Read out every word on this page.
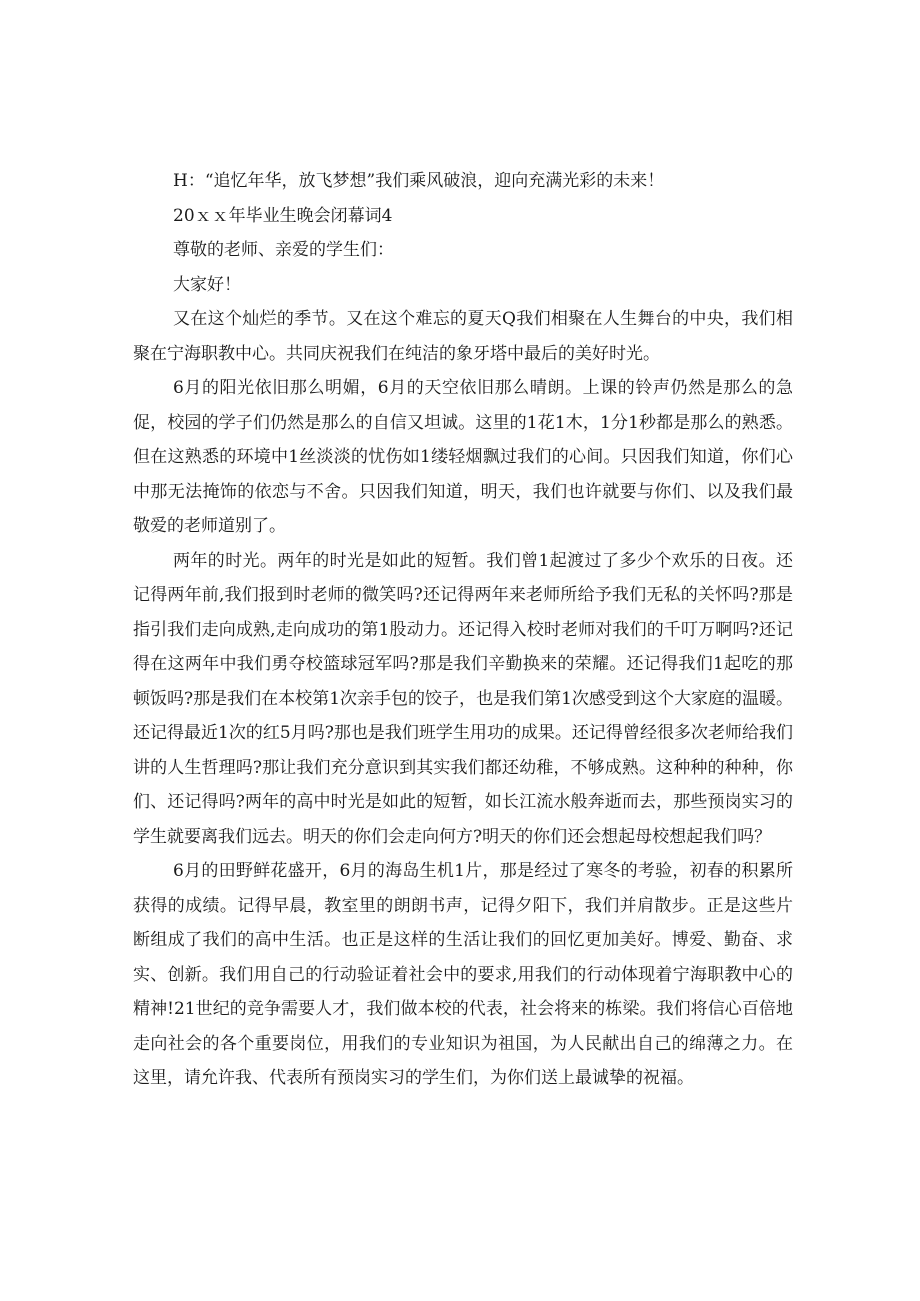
H：“追忆年华，放飞梦想”我们乘风破浪，迎向充满光彩的未来！

20ｘｘ年毕业生晚会闭幕词4

尊敬的老师、亲爱的学生们：

大家好！

又在这个灿烂的季节。又在这个难忘的夏天Q我们相聚在人生舞台的中央，我们相聚在宁海职教中心。共同庆祝我们在纯洁的象牙塔中最后的美好时光。

6月的阳光依旧那么明媚，6月的天空依旧那么晴朗。上课的铃声仍然是那么的急促，校园的学子们仍然是那么的自信又坦诚。这里的1花1木，1分1秒都是那么的熟悉。但在这熟悉的环境中1丝淡淡的忧伤如1缕轻烟飘过我们的心间。只因我们知道，你们心中那无法掩饰的依恋与不舍。只因我们知道，明天，我们也许就要与你们、以及我们最敬爱的老师道别了。

两年的时光。两年的时光是如此的短暂。我们曾1起渡过了多少个欢乐的日夜。还记得两年前,我们报到时老师的微笑吗?还记得两年来老师所给予我们无私的关怀吗?那是指引我们走向成熟,走向成功的第1股动力。还记得入校时老师对我们的千叮万啊吗?还记得在这两年中我们勇夺校篮球冠军吗?那是我们辛勤换来的荣耀。还记得我们1起吃的那顿饭吗?那是我们在本校第1次亲手包的饺子，也是我们第1次感受到这个大家庭的温暖。还记得最近1次的红5月吗?那也是我们班学生用功的成果。还记得曾经很多次老师给我们讲的人生哲理吗?那让我们充分意识到其实我们都还幼稚，不够成熟。这种种的种种，你们、还记得吗?两年的高中时光是如此的短暂，如长江流水般奔逝而去，那些预岗实习的学生就要离我们远去。明天的你们会走向何方?明天的你们还会想起母校想起我们吗？

6月的田野鲜花盛开，6月的海岛生机1片，那是经过了寒冬的考验，初春的积累所获得的成绩。记得早晨，教室里的朗朗书声，记得夕阳下，我们并肩散步。正是这些片断组成了我们的高中生活。也正是这样的生活让我们的回忆更加美好。博爱、勤奋、求实、创新。我们用自己的行动验证着社会中的要求,用我们的行动体现着宁海职教中心的精神!21世纪的竞争需要人才，我们做本校的代表，社会将来的栋梁。我们将信心百倍地走向社会的各个重要岗位，用我们的专业知识为祖国，为人民献出自己的绵薄之力。在这里，请允许我、代表所有预岗实习的学生们，为你们送上最诚挚的祝福。
